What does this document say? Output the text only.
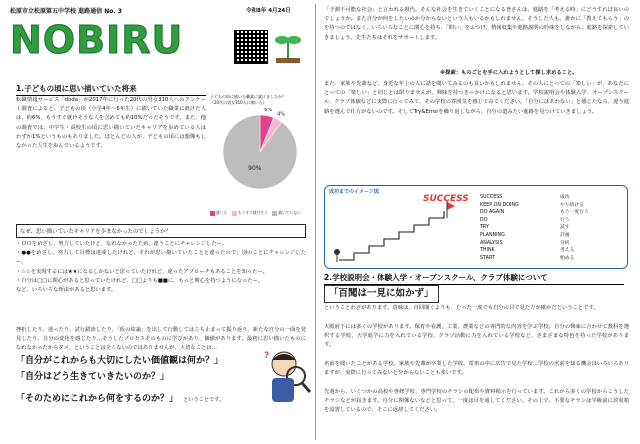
松原市立松原第五中学校 進路通信 No. 3
NOBIRU
令和8年 4月24日
1.子どもの頃に思い描いていた将来
転職情報サービス「doda」が2017年に行った20代の男女310人へのアンケート調査によると、子どもの頃（小学4年～6年生）に描いていた職業に就けた人は、約6%、もうすぐ就けそうな人を含めても約10%だったそうです。また、他の調査では、中学生・高校生の頃に思い描いていたキャリアを歩めている人はわずか1%というものもありました。ほとんどの人が、子どもの頃には想像もしなかった人生を歩んでいるようです。
子どもの頃に描いた職業に就けましたか？
（20代の男女310人に聞いた）
90%
6%
4%
就いた	もうすぐ就けそう	就いていない
なぜ、思い描いていたキャリアを歩まなかったのでしょうか？
・ＯＯをめざし、努力していたけど、なれなかったため、違うことにチャレンジしたー。
・●●をめざし、努力して目標は達成したけれど、それが思い描いていたことと違ったので、別のことにチャレンジしたー。
・☆☆を実現するには★★になるしかないと思っていたけれど、違ったアプローチもあることを知ったー。
・自分は□□に関心があると思っていたけれど、□□よりも■■に、もっと関心を持つようになったー。
など、いろいろな理由があると思います。
挫折したり、迷ったり、試行錯誤したり、「仮の結論」を出して行動しては立ち止まって振り返り、新たな自分の一面を発見したり、自分の変化を感じたり…そうしたプロセスそのものに学びがあり、価値があります。最初に思い描いたものになれなかったからダメ、ということは全くないのではありませんが、大切なことは…
「自分がこれからも大切にしたい価値観は何か？」
「自分はどう生きていきたいのか？」
「そのためにこれから何をするのか？」 ということです。
?
「予測不可能な社会」と言われる現代。そんな社会を生きていくことになる皆さんは、進路を「考える時」にどうすれば良いのでしょうか。また自分が何をしたいのか分からないという人もいるかもしれません。そうした人も、誰かに「教えてもらう」のを待つのではなく、いろいろなことに関心を持ち、「問い」をふつけ、情報収集や進路説明の吟味をしながら、進路を探索していきましょう。先生たちはそれをサポートします。
※探索：ものごとを手に入れようとして探し求めること。
また、家族や先輩など、身近な年上の人に話を聞いてみるのも良いかもしれません。その人にとっての「楽しい」が、あなたにとっての「楽しい」と同じとは限りませんが、興味を持つきっかけになると思います。学校説明会や体験入学、オープンスクール、クラブ体験などに実際に行ってみて、その学校の雰囲気を感じてみてください。「自分にはあわない」と感じたなら、違う進路を選んで仕方がないのです。そしてTry&Errorを繰り返しながら、自分の道みたい進路を見つけていきましょう。
成功までのイメージ図
SUCCESS SUCCESS	成功
KEEP ON DOING	やり続ける
DO AGAIN	もう一度行う
DO	行う
TRY	試す
PLANNING	計画
ANALYSIS	分析
THINK	考える
START	始める
2.学校説明会・体験入学・オープンスクール、クラブ体験について
「百聞は一見に如かず」
ということわざがあります。意味は、百回聞くよりも、たった一度でも自分の目で見た方が確かだということです。
大阪府下には多くの学校があります。保育や看護、工業、農業などの専門的な内容を学ぶ学校。自分の興味に合わせて教科を選択する学校、大学進学に力を入れている学校、クラブ活動に力を入れている学校など、さまざまな特色を持った学校があります。
名前を聞いたことがある学校、家族や先輩が卒業した学校、電車の中に広告で見た学校…学校の名前を知る機会はいろいろありますが、実際に行ってみないと分からないことも多いです。
先週から、いくつかの高校や専修学校、専門学校のチラシの配布や資料掲示を行っています。これから多くの学校からこうしたチラシなどが届きます。自分に関係ないなどと思って、一度は目を通してください。その上で、不要なチラシは学級前に放収箱を設置しているので、そこに返却してください。
